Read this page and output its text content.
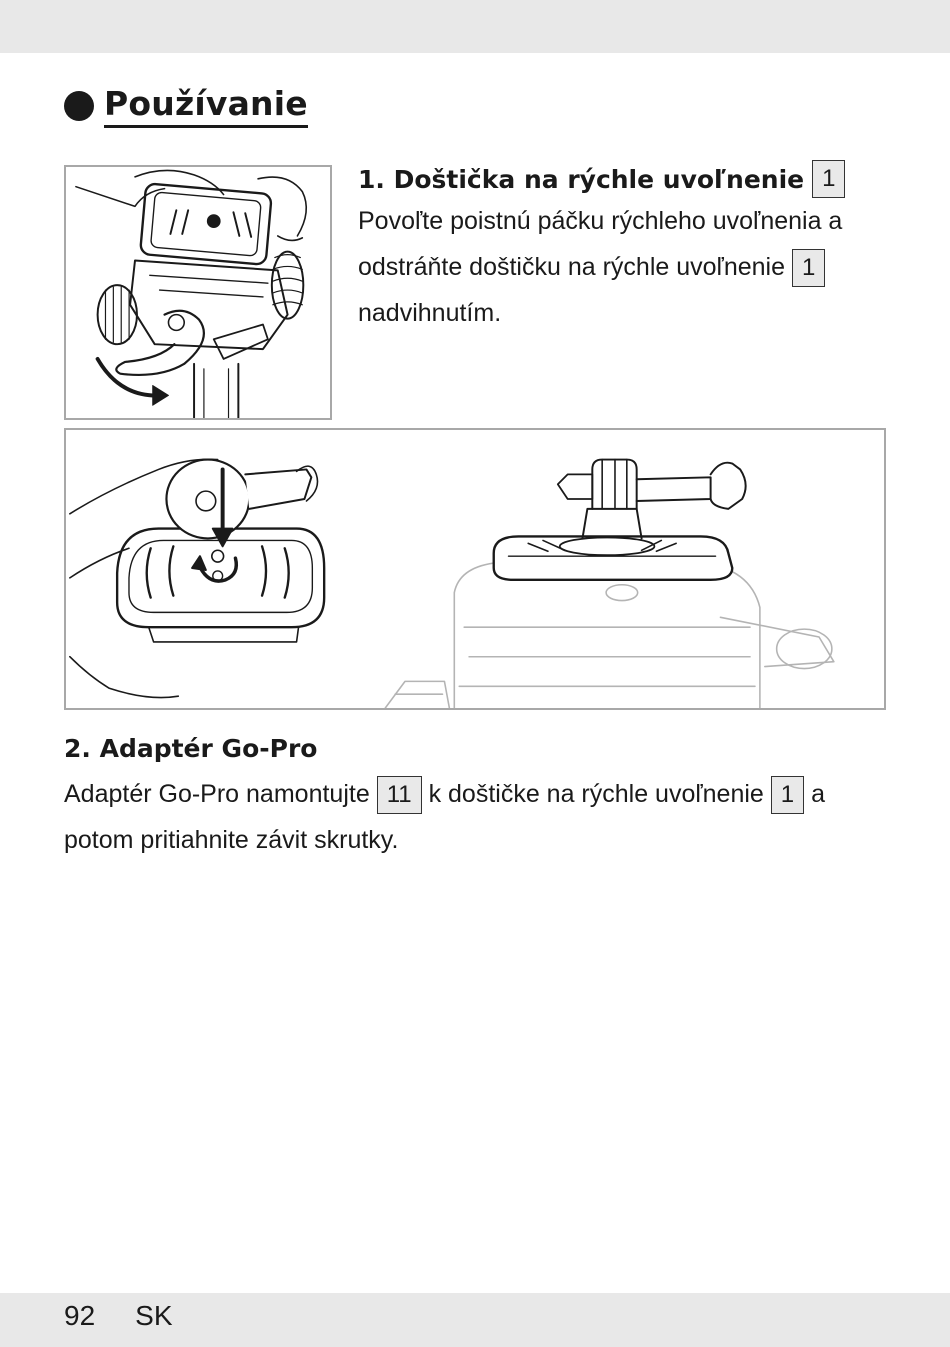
Používanie
1. Doštička na rýchle uvoľnenie 1

Povoľte poistnú páčku rýchleho uvoľnenia a odstráňte doštičku na rýchle uvoľnenie 1 nadvihnutím.

2. Adaptér Go-Pro

Adaptér Go-Pro namontujte 11 k doštičke na rýchle uvoľnenie 1 a potom pritiahnite závit skrutky.

92 SK
